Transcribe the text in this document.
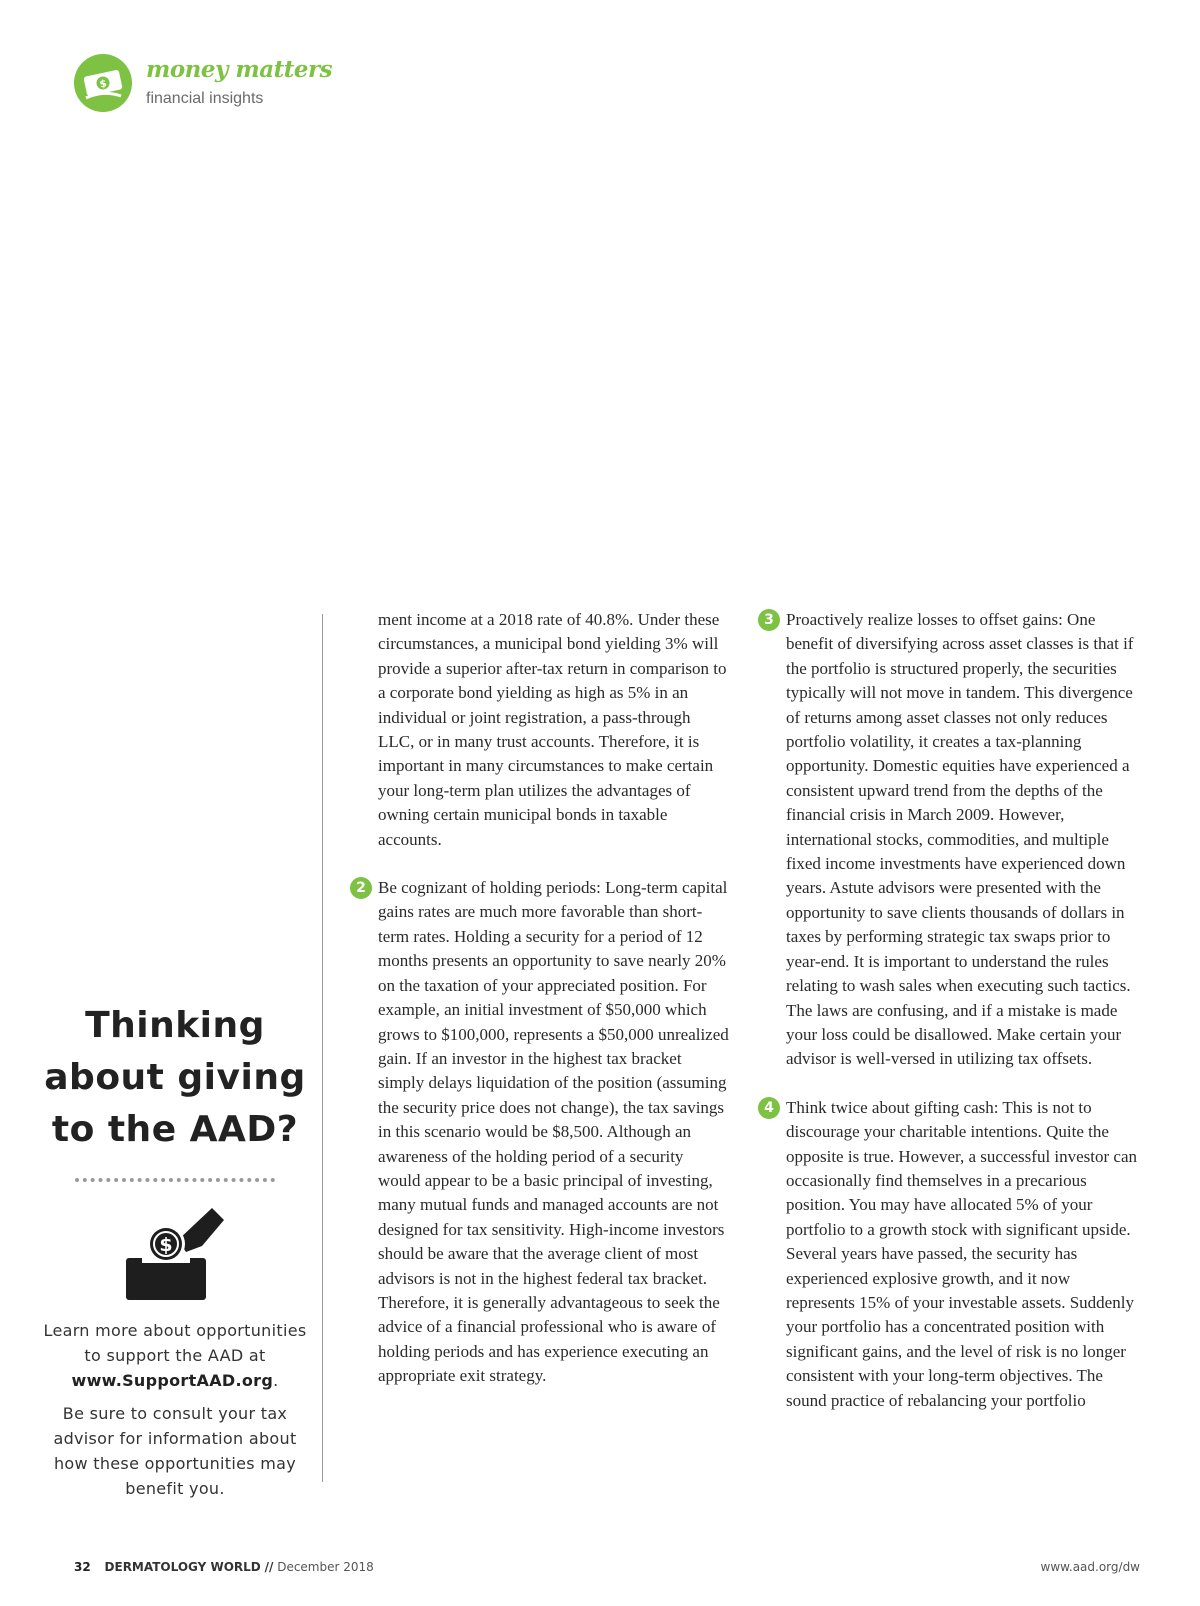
$
money matters
financial insights
Thinking about giving to the AAD?
$

Learn more about opportunities to support the AAD at www.SupportAAD.org.

Be sure to consult your tax advisor for information about how these opportunities may benefit you.

ment income at a 2018 rate of 40.8%. Under these circumstances, a municipal bond yielding 3% will provide a superior after-tax return in comparison to a corporate bond yielding as high as 5% in an individual or joint registration, a pass-through LLC, or in many trust accounts. Therefore, it is important in many circumstances to make certain your long-term plan utilizes the advantages of owning certain municipal bonds in taxable accounts.

2 Be cognizant of holding periods: Long-term capital gains rates are much more favorable than short-term rates. Holding a security for a period of 12 months presents an opportunity to save nearly 20% on the taxation of your appreciated position. For example, an initial investment of $50,000 which grows to $100,000, represents a $50,000 unrealized gain. If an investor in the highest tax bracket simply delays liquidation of the position (assuming the security price does not change), the tax savings in this scenario would be $8,500. Although an awareness of the holding period of a security would appear to be a basic principal of investing, many mutual funds and managed accounts are not designed for tax sensitivity. High-income investors should be aware that the average client of most advisors is not in the highest federal tax bracket. Therefore, it is generally advantageous to seek the advice of a financial professional who is aware of holding periods and has experience executing an appropriate exit strategy.

3 Proactively realize losses to offset gains: One benefit of diversifying across asset classes is that if the portfolio is structured properly, the securities typically will not move in tandem. This divergence of returns among asset classes not only reduces portfolio volatility, it creates a tax-planning opportunity. Domestic equities have experienced a consistent upward trend from the depths of the financial crisis in March 2009. However, international stocks, commodities, and multiple fixed income investments have experienced down years. Astute advisors were presented with the opportunity to save clients thousands of dollars in taxes by performing strategic tax swaps prior to year-end. It is important to understand the rules relating to wash sales when executing such tactics. The laws are confusing, and if a mistake is made your loss could be disallowed. Make certain your advisor is well-versed in utilizing tax offsets.

4 Think twice about gifting cash: This is not to discourage your charitable intentions. Quite the opposite is true. However, a successful investor can occasionally find themselves in a precarious position. You may have allocated 5% of your portfolio to a growth stock with significant upside. Several years have passed, the security has experienced explosive growth, and it now represents 15% of your investable assets. Suddenly your portfolio has a concentrated position with significant gains, and the level of risk is no longer consistent with your long-term objectives. The sound practice of rebalancing your portfolio

32 DERMATOLOGY WORLD // December 2018	www.aad.org/dw
